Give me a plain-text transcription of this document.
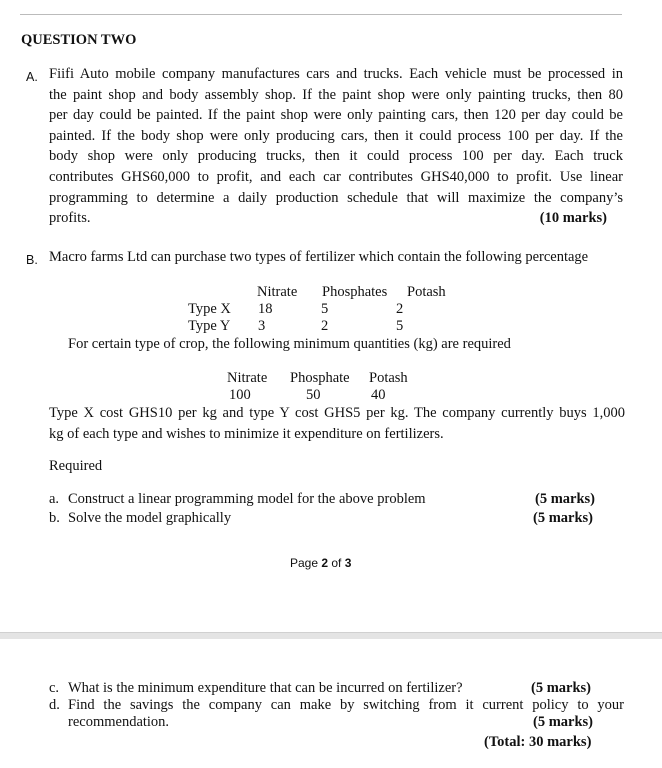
QUESTION TWO
A. Fiifi Auto mobile company manufactures cars and trucks. Each vehicle must be processed in
the paint shop and body assembly shop. If the paint shop were only painting trucks, then 80
per day could be painted. If the paint shop were only painting cars, then 120 per day could be
painted. If the body shop were only producing cars, then it could process 100 per day. If the
body shop were only producing trucks, then it could process 100 per day. Each truck
contributes GHS60,000 to profit, and each car contributes GHS40,000 to profit. Use linear
programming to determine a daily production schedule that will maximize the company’s
profits.	(10 marks)
B. Macro farms Ltd can purchase two types of fertilizer which contain the following percentage
Nitrate Phosphates Potash
Type X 18	5	2
Type Y 3	2	5
For certain type of crop, the following minimum quantities (kg) are required
Nitrate Phosphate Potash
100	50	40
Type X cost GHS10 per kg and type Y cost GHS5 per kg. The company currently buys 1,000
kg of each type and wishes to minimize it expenditure on fertilizers.
Required
a. Construct a linear programming model for the above problem	(5 marks)
b. Solve the model graphically	(5 marks)
Page 2 of 3
c. What is the minimum expenditure that can be incurred on fertilizer?	(5 marks)
d. Find the savings the company can make by switching from it current policy to your
recommendation.	(5 marks)
(Total: 30 marks)
